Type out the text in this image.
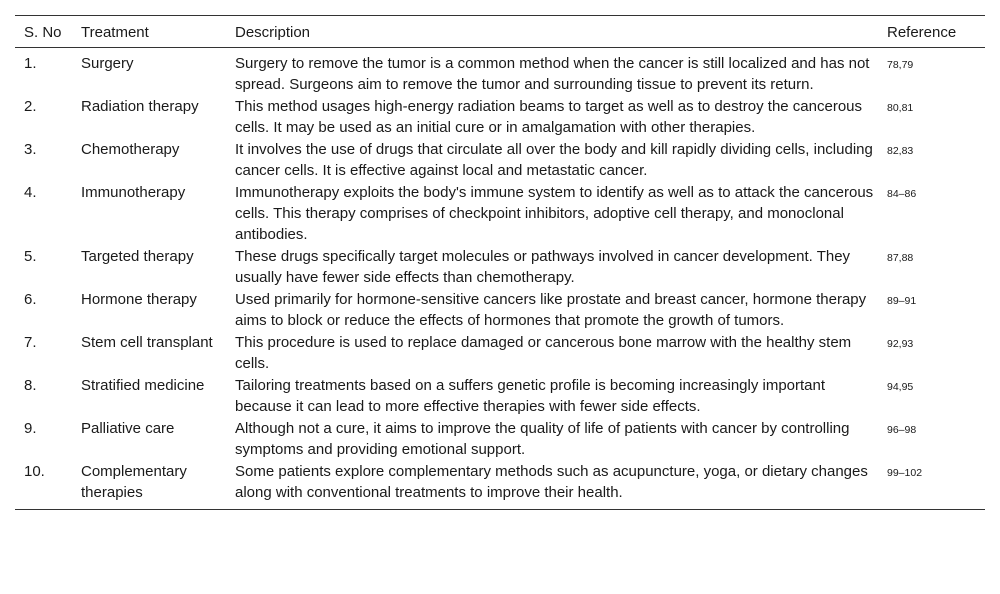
S. No	Treatment	Description	Reference
1.	Surgery	Surgery to remove the tumor is a common method when the cancer is still localized and has not spread. Surgeons aim to remove the tumor and surrounding tissue to prevent its return.	78,79
2.	Radiation therapy	This method usages high-energy radiation beams to target as well as to destroy the cancerous cells. It may be used as an initial cure or in amalgamation with other therapies.	80,81
3.	Chemotherapy	It involves the use of drugs that circulate all over the body and kill rapidly dividing cells, including cancer cells. It is effective against local and metastatic cancer.	82,83
4.	Immunotherapy	Immunotherapy exploits the body's immune system to identify as well as to attack the cancerous cells. This therapy comprises of checkpoint inhibitors, adoptive cell therapy, and monoclonal antibodies.	84–86
5.	Targeted therapy	These drugs specifically target molecules or pathways involved in cancer development. They usually have fewer side effects than chemotherapy.	87,88
6.	Hormone therapy	Used primarily for hormone-sensitive cancers like prostate and breast cancer, hormone therapy aims to block or reduce the effects of hormones that promote the growth of tumors.	89–91
7.	Stem cell transplant	This procedure is used to replace damaged or cancerous bone marrow with the healthy stem cells.	92,93
8.	Stratified medicine	Tailoring treatments based on a suffers genetic profile is becoming increasingly important because it can lead to more effective therapies with fewer side effects.	94,95
9.	Palliative care	Although not a cure, it aims to improve the quality of life of patients with cancer by controlling symptoms and providing emotional support.	96–98
10.	Complementary therapies	Some patients explore complementary methods such as acupuncture, yoga, or dietary changes along with conventional treatments to improve their health.	99–102
